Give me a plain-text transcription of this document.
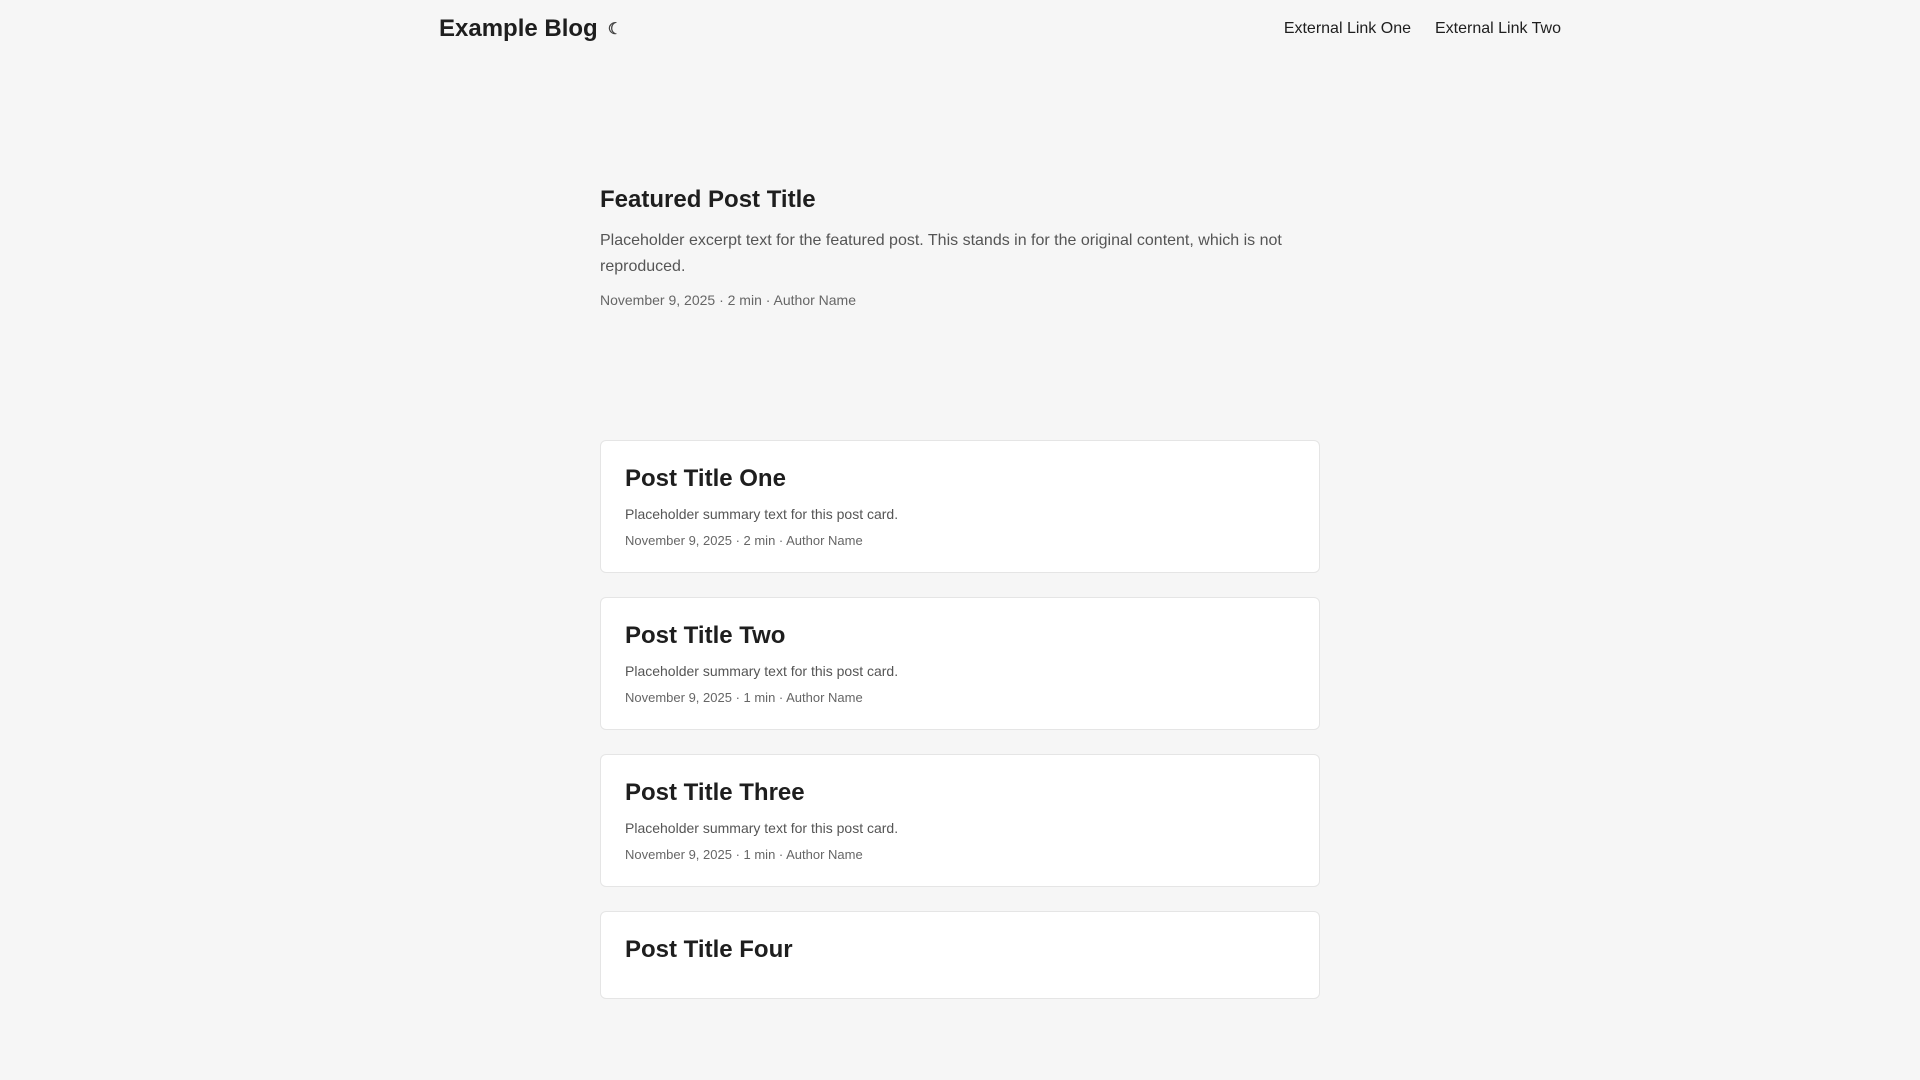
Example Blog ☾	External Link One External Link Two
Featured Post Title

Placeholder excerpt text for the featured post. This stands in for the original content, which is not reproduced.

November 9, 2025 · 2 min · Author Name
Post Title One

Placeholder summary text for this post card.

November 9, 2025 · 2 min · Author Name
Post Title Two

Placeholder summary text for this post card.

November 9, 2025 · 1 min · Author Name
Post Title Three

Placeholder summary text for this post card.

November 9, 2025 · 1 min · Author Name
Post Title Four
